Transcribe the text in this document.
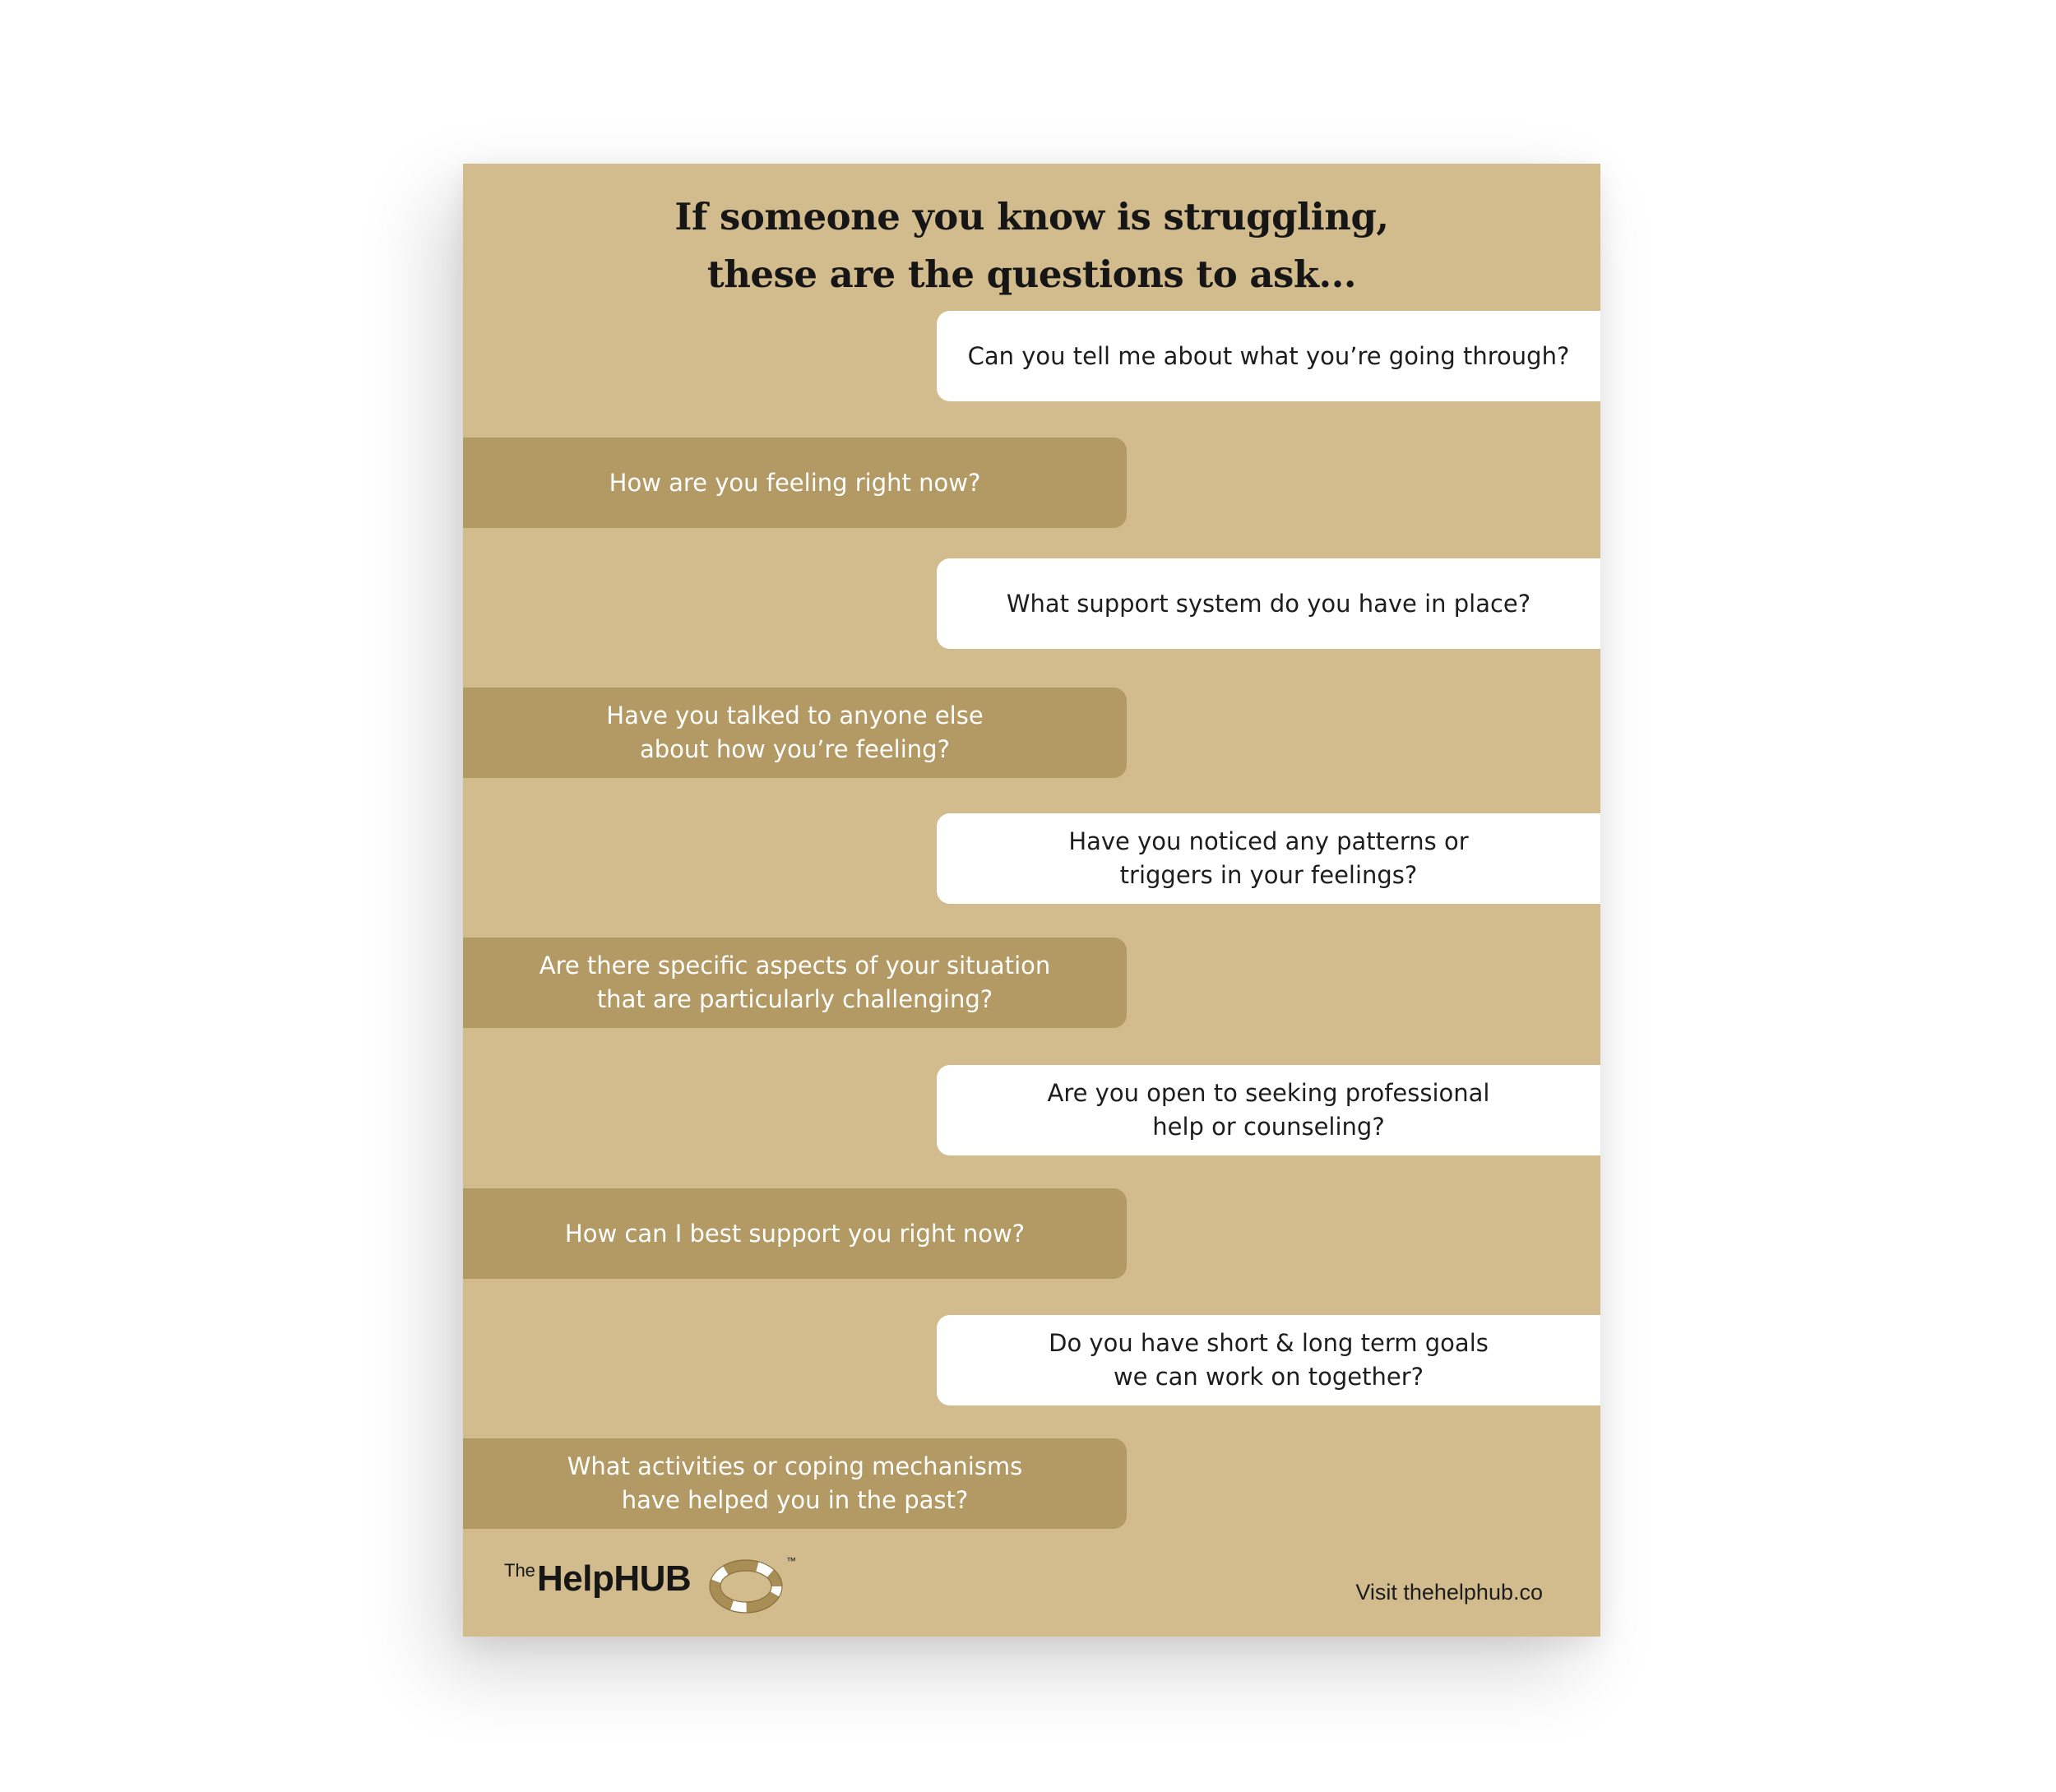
If someone you know is struggling,
these are the questions to ask...
Can you tell me about what you’re going through?
How are you feeling right now?
What support system do you have in place?
Have you talked to anyone else
about how you’re feeling?
Have you noticed any patterns or
triggers in your feelings?
Are there specific aspects of your situation
that are particularly challenging?
Are you open to seeking professional
help or counseling?
How can I best support you right now?
Do you have short & long term goals
we can work on together?
What activities or coping mechanisms
have helped you in the past?
The HelpHUB	™
Visit thehelphub.co
